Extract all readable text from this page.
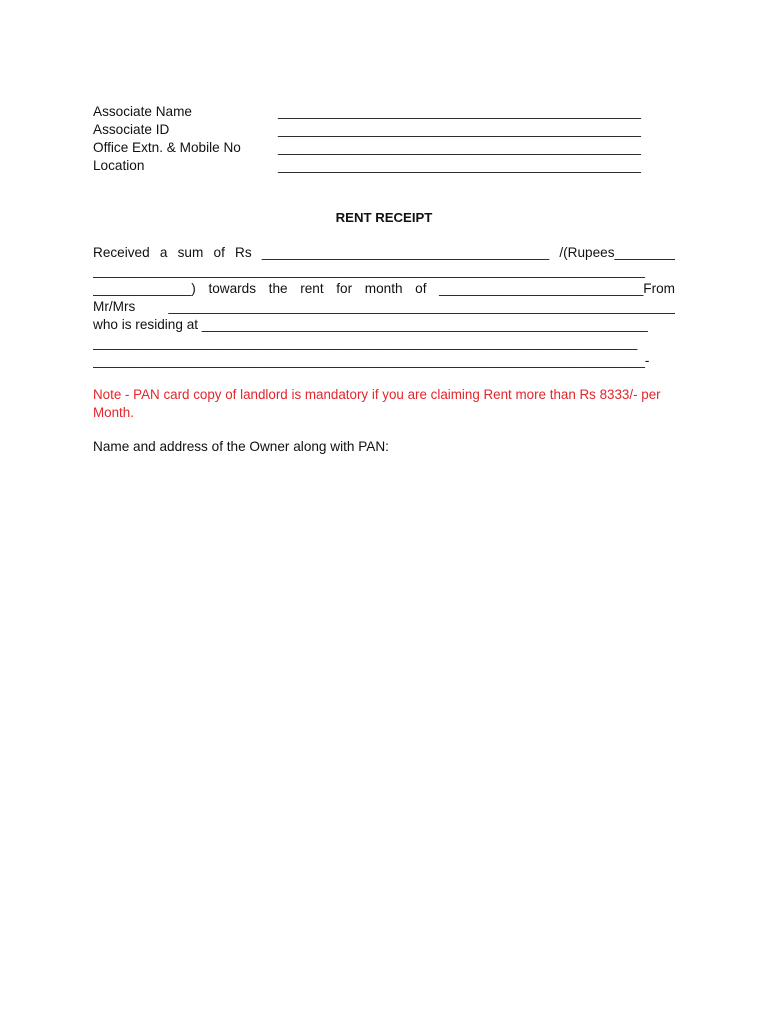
Associate Name	________________________________________________

Associate ID	________________________________________________

Office Extn. & Mobile No	________________________________________________

Location	________________________________________________

RENT RECEIPT

Received a sum of Rs ______________________________________ /(Rupees________

_________________________________________________________________________

_____________) towards the rent for month of ___________________________From

Mr/Mrs ___________________________________________________________________

who is residing at ___________________________________________________________

________________________________________________________________________

_________________________________________________________________________-

Note - PAN card copy of landlord is mandatory if you are claiming Rent more than Rs 8333/- per Month.

Name and address of the Owner along with PAN:
